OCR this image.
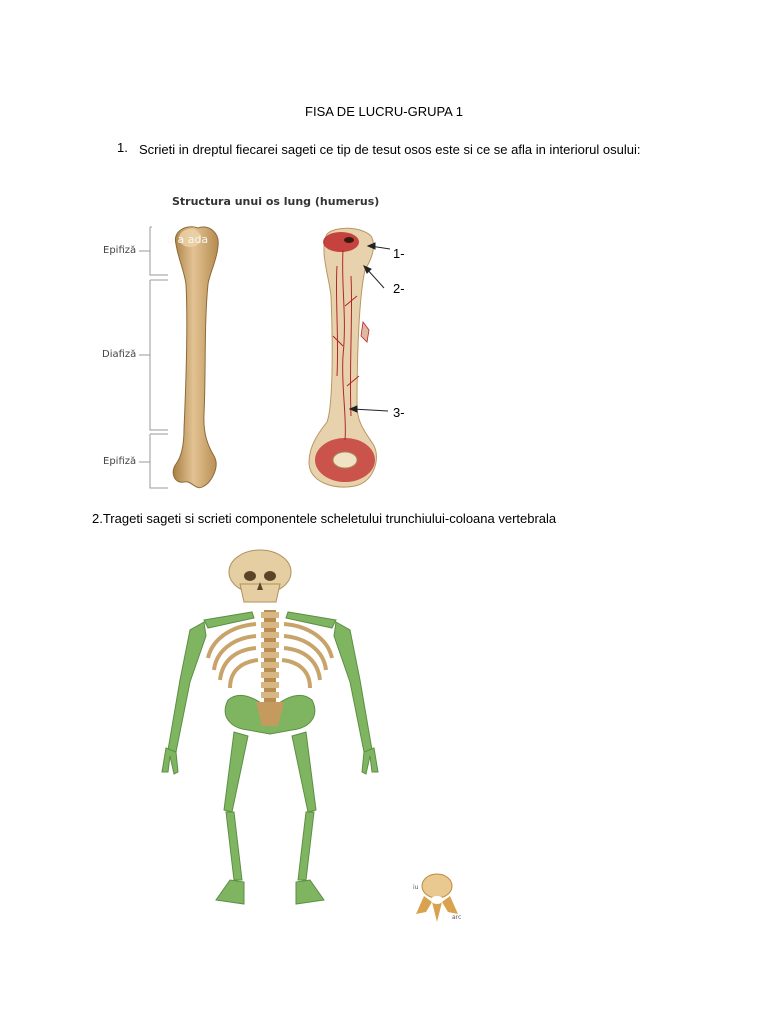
FISA DE LUCRU-GRUPA 1
1. Scrieti in dreptul fiecarei sageti ce tip de tesut osos este si ce se afla in interiorul osului:
Structura unui os lung (humerus)
Epifiză
Diafiză
Epifiză
u a ada
1-
2-
3-
2.Trageti sageti si scrieti componentele scheletului trunchiului-coloana vertebrala
iu
arc
